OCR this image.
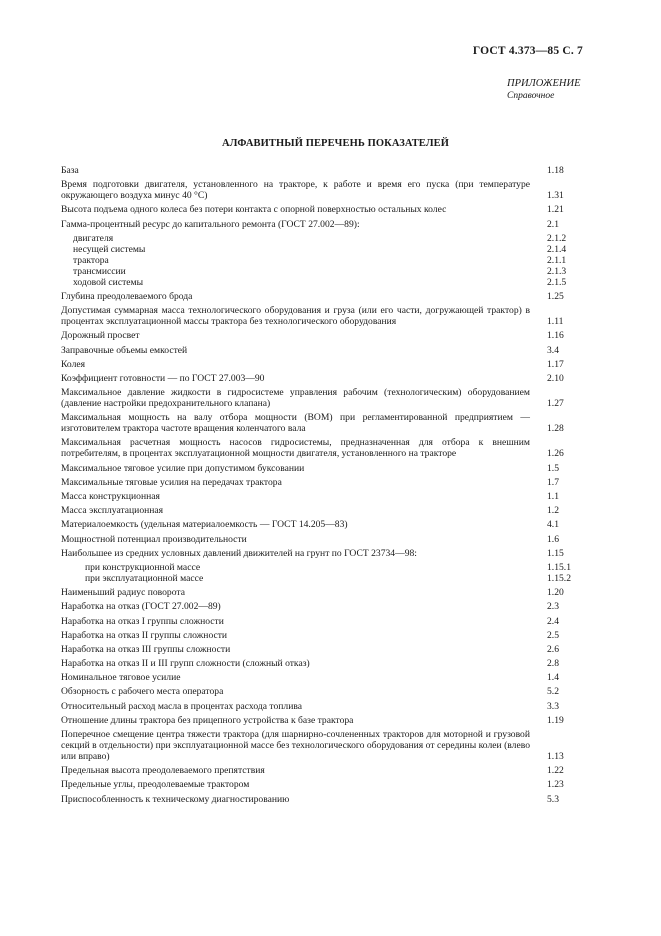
ГОСТ 4.373—85 С. 7
ПРИЛОЖЕНИЕ
Справочное
АЛФАВИТНЫЙ ПЕРЕЧЕНЬ ПОКАЗАТЕЛЕЙ
База	1.18
Время подготовки двигателя, установленного на тракторе, к работе и время его пуска (при температуре окружающего воздуха минус 40 °С)	1.31
Высота подъема одного колеса без потери контакта с опорной поверхностью остальных колес	1.21
Гамма-процентный ресурс до капитального ремонта (ГОСТ 27.002—89):	2.1
двигателя	2.1.2
несущей системы	2.1.4
трактора	2.1.1
трансмиссии	2.1.3
ходовой системы	2.1.5
Глубина преодолеваемого брода	1.25
Допустимая суммарная масса технологического оборудования и груза (или его части, догружающей трактор) в процентах эксплуатационной массы трактора без технологического оборудования	1.11
Дорожный просвет	1.16
Заправочные объемы емкостей	3.4
Колея	1.17
Коэффициент готовности — по ГОСТ 27.003—90	2.10
Максимальное давление жидкости в гидросистеме управления рабочим (технологическим) оборудованием (давление настройки предохранительного клапана)	1.27
Максимальная мощность на валу отбора мощности (ВОМ) при регламентированной предприятием — изготовителем трактора частоте вращения коленчатого вала	1.28
Максимальная расчетная мощность насосов гидросистемы, предназначенная для отбора к внешним потребителям, в процентах эксплуатационной мощности двигателя, установленного на тракторе	1.26
Максимальное тяговое усилие при допустимом буксовании	1.5
Максимальные тяговые усилия на передачах трактора	1.7
Масса конструкционная	1.1
Масса эксплуатационная	1.2
Материалоемкость (удельная материалоемкость — ГОСТ 14.205—83)	4.1
Мощностной потенциал производительности	1.6
Наибольшее из средних условных давлений движителей на грунт по ГОСТ 23734—98:	1.15
при конструкционной массе	1.15.1
при эксплуатационной массе	1.15.2
Наименьший радиус поворота	1.20
Наработка на отказ (ГОСТ 27.002—89)	2.3
Наработка на отказ I группы сложности	2.4
Наработка на отказ II группы сложности	2.5
Наработка на отказ III группы сложности	2.6
Наработка на отказ II и III групп сложности (сложный отказ)	2.8
Номинальное тяговое усилие	1.4
Обзорность с рабочего места оператора	5.2
Относительный расход масла в процентах расхода топлива	3.3
Отношение длины трактора без прицепного устройства к базе трактора	1.19
Поперечное смещение центра тяжести трактора (для шарнирно-сочлененных тракторов для моторной и грузовой секций в отдельности) при эксплуатационной массе без технологического оборудования от середины колеи (влево или вправо)	1.13
Предельная высота преодолеваемого препятствия	1.22
Предельные углы, преодолеваемые трактором	1.23
Приспособленность к техническому диагностированию	5.3
